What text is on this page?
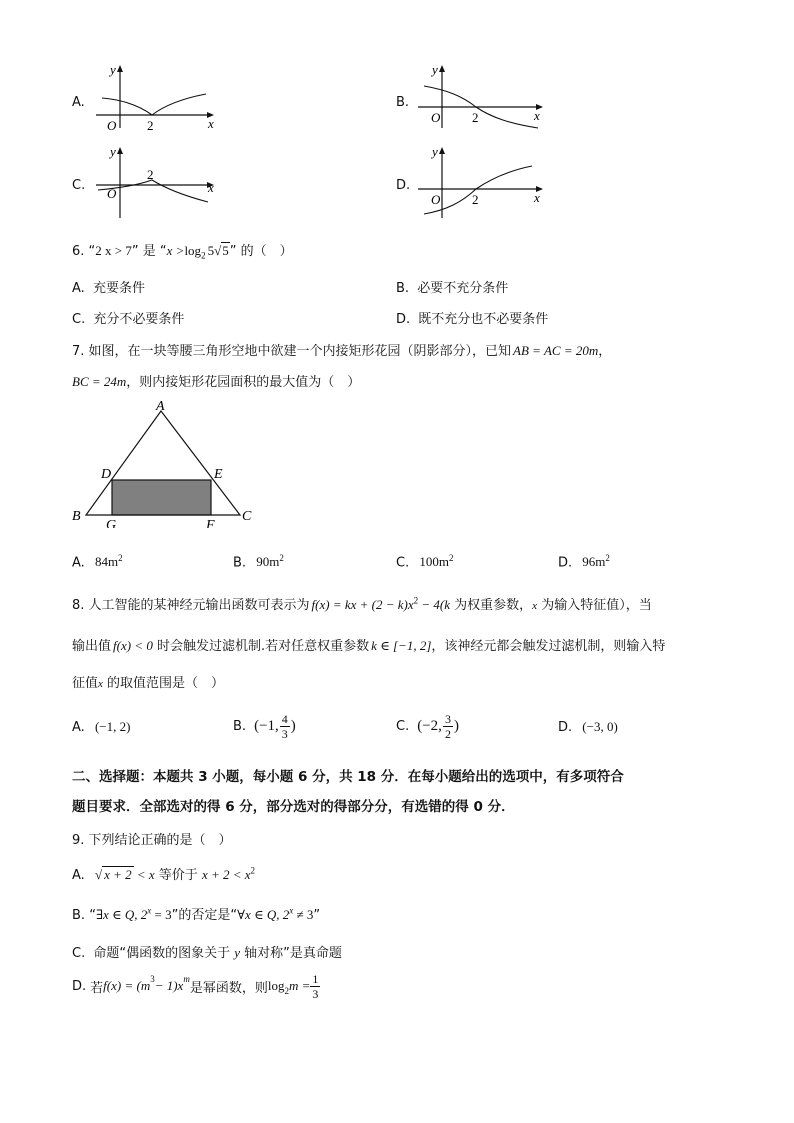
A.
y
x
O 2
B.
y
x
O 2
C.
y
x
O
2
D.
y
x
O 2
6. “2 x > 7” 是 “$x >\log_2$ 5√5” 的（　）
A. 充要条件	B. 必要不充分条件
C. 充分不必要条件	D. 既不充分也不必要条件
7. 如图，在一块等腰三角形空地中欲建一个内接矩形花园（阴影部分），已知 AB = AC = 20m，
BC = 24m，则内接矩形花园面积的最大值为（　）
A
B	C
D	E
F
G
A. $84m^2$	B. $90m^2$	C. $100m^2$	D. $96m^2$
8. 人工智能的某神经元输出函数可表示为 f(x) = kx + $(2 - k)x^2 - 4(k$ 为权重参数，x 为输入特征值），当
输出值 f(x) < 0 时会触发过滤机制.若对任意权重参数 k ∈ [−1, 2]，该神经元都会触发过滤机制，则输入特
征值x 的取值范围是（　）
A. (−1, 2)	B. (−1, 4
3 )	C. (−2, 3
2 )	D. (−3, 0)
二、选择题：本题共 3 小题，每小题 6 分，共 18 分．在每小题给出的选项中，有多项符合
题目要求．全部选对的得 6 分，部分选对的得部分分，有选错的得 0 分．
9. 下列结论正确的是（　）
A. √ x + 2 < x 等价于 $x + 2 < x^2$
B. “∃x ∈ Q, $2^x = 3$”的否定是“∀x ∈ Q, $2^x \ne 3$”
C. 命题“偶函数的图象关于 y 轴对称”是真命题
D. 若 $f(x) = (m^3 - 1)x^m$
是幂函数，则 $\log_2 m = \frac{1}{3}$
